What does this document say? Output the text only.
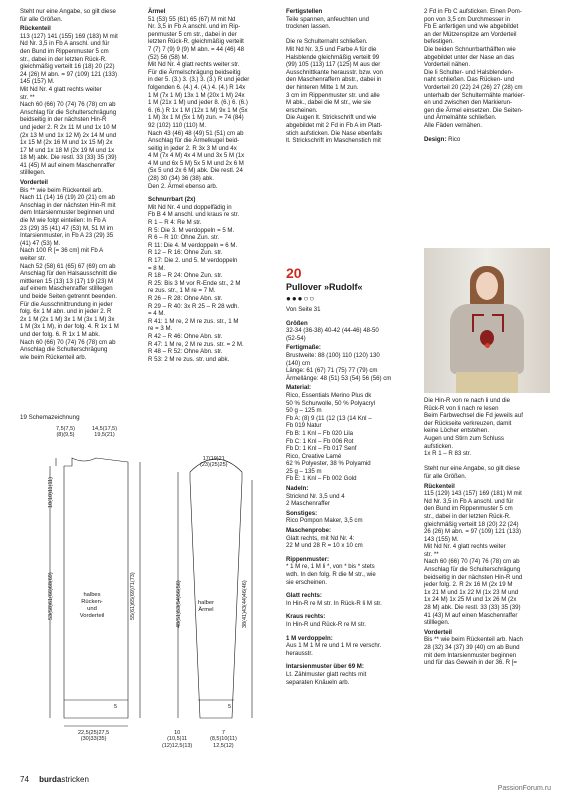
Steht nur eine Angabe, so gilt diese
für alle Größen.

Rückenteil

113 (127) 141 (155) 169 (183) M mit
Nd Nr. 3,5 in Fb A anschl. und für
den Bund im Rippenmuster 5 cm
str., dabei in der letzten Rück-R.
gleichmäßig verteilt 16 (18) 20 (22)
24 (26) M abn. = 97 (109) 121 (133)
145 (157) M.
Mit Nd Nr. 4 glatt rechts weiter
str. **
Nach 60 (66) 70 (74) 76 (78) cm ab
Anschlag für die Schulterschrägung
beidseitig in der nächsten Hin-R
und jeder 2. R 2x 11 M und 1x 10 M
(2x 13 M und 1x 12 M) 2x 14 M und
1x 15 M (2x 16 M und 1x 15 M) 2x
17 M und 1x 18 M (2x 19 M und 1x
18 M) abk. Die restl. 33 (33) 35 (39)
41 (45) M auf einem Maschenraffer
stilllegen.

Vorderteil

Bis ** wie beim Rückenteil arb.
Nach 11 (14) 16 (19) 20 (21) cm ab
Anschlag in der nächsten Hin-R mit
dem Intarsienmuster beginnen und
die M wie folgt einteilen: In Fb A
23 (29) 35 (41) 47 (53) M, 51 M im
Intarsienmuster, in Fb A 23 (29) 35
(41) 47 (53) M.
Nach 100 R [= 36 cm] mit Fb A
weiter str.
Nach 52 (58) 61 (65) 67 (69) cm ab
Anschlag für den Halsausschnitt die
mittleren 15 (13) 13 (17) 19 (23) M
auf einem Maschenraffer stilllegen
und beide Seiten getrennt beenden.
Für die Ausschnittrundung in jeder
folg. 6x 1 M abn. und in jeder 2. R
2x 1 M (2x 1 M) 3x 1 M (3x 1 M) 3x
1 M (3x 1 M), in der folg. 4. R 1x 1 M
und der folg. 6. R 1x 1 M abk.
Nach 60 (66) 70 (74) 76 (78) cm ab
Anschlag die Schulterschrägung
wie beim Rückenteil arb.

Ärmel

51 (53) 55 (61) 65 (67) M mit Nd
Nr. 3,5 in Fb A anschl. und im Rip-
penmuster 5 cm str., dabei in der
letzten Rück-R. gleichmäßig verteilt
7 (7) 7 (9) 9 (9) M abn. = 44 (46) 48
(52) 56 (58) M.
Mit Nd Nr. 4 glatt rechts weiter str.
Für die Ärmelschrägung beidseitig
in der 5. (3.) 3. (3.) 3. (3.) R und jeder
folgenden 6. (4.) 4. (4.) 4. (4.) R 14x
1 M (7x 1 M) 13x 1 M (20x 1 M) 24x
1 M (21x 1 M) und jeder 8. (6.) 6. (6.)
6. (6.) R 1x 1 M (12x 1 M) 9x 1 M (5x
1 M) 3x 1 M (5x 1 M) zun. = 74 (84)
92 (102) 110 (110) M.
Nach 43 (46) 48 (49) 51 (51) cm ab
Anschlag für die Ärmelkugel beid-
seitig in jeder 2. R 3x 3 M und 4x
4 M (7x 4 M) 4x 4 M und 3x 5 M (1x
4 M und 6x 5 M) 5x 5 M und 2x 6 M
(5x 5 und 2x 6 M) abk. Die restl. 24
(28) 30 (34) 36 (38) abk.
Den 2. Ärmel ebenso arb.

Schnurrbart (2x)

Mit Nd Nr. 4 und doppelfädig in
Fb B 4 M anschl. und kraus re str.
R 1 – R 4: Re M str.
R 5: Die 3. M verdoppeln = 5 M.
R 6 – R 10: Ohne Zun. str.
R 11: Die 4. M verdoppeln = 6 M.
R 12 – R 16: Ohne Zun. str.
R 17: Die 2. und 5. M verdoppeln
= 8 M.
R 18 – R 24: Ohne Zun. str.
R 25: Bis 3 M vor R-Ende str., 2 M
re zus. str., 1 M re = 7 M.
R 26 – R 28: Ohne Abn. str.
R 29 – R 40: 3x R 25 – R 28 wdh.
= 4 M.
R 41: 1 M re, 2 M re zus. str., 1 M
re = 3 M.
R 42 – R 46: Ohne Abn. str.
R 47: 1 M re, 2 M re zus. str. = 2 M.
R 48 – R 52: Ohne Abn. str.
R 53: 2 M re zus. str. und abk.

Fertigstellen

Teile spannen, anfeuchten und
trocknen lassen.

Die re Schulternaht schließen.
Mit Nd Nr. 3,5 und Farbe A für die
Halsblende gleichmäßig verteilt 99
(99) 105 (113) 117 (125) M aus der
Ausschnittkante herausstr. bzw. von
den Maschenraffern abstr., dabei in
der hinteren Mitte 1 M zun.
3 cm im Rippenmuster str. und alle
M abk., dabei die M str., wie sie
erscheinen.
Die Augen lt. Strickschrift und wie
abgebildet mit 2 Fd in Fb A im Platt-
stich aufsticken. Die Nase ebenfalls
lt. Strickschrift im Maschenstich mit

20
Pullover »Rudolf«
●●●○○

Von Seite 31

Größen

32-34 (36-38) 40-42 (44-46) 48-50
(52-54)

Fertigmaße:

Brustweite: 88 (100) 110 (120) 130
(140) cm
Länge: 61 (67) 71 (75) 77 (79) cm
Ärmellänge: 48 (51) 53 (54) 56 (56) cm

Material:

Rico, Essentials Merino Plus dk
50 % Schurwolle, 50 % Polyacryl
50 g – 125 m
Fb A: (8) 9 (11 (12 (13 (14 Knl –
Fb 019 Natur
Fb B: 1 Knl – Fb 020 Lila
Fb C: 1 Knl – Fb 006 Rot
Fb D: 1 Knl – Fb 017 Senf
Rico, Creative Lamé
62 % Polyester, 38 % Polyamid
25 g – 135 m
Fb E: 1 Knl – Fb 002 Gold

Nadeln:

Stricknd Nr. 3,5 und 4
2 Maschenraffer

Sonstiges:

Rico Pompon Maker, 3,5 cm

Maschenprobe:

Glatt rechts, mit Nd Nr. 4:
22 M und 28 R = 10 x 10 cm

Rippenmuster:

* 1 M re, 1 M li *, von * bis * stets
wdh. In den folg. R die M str., wie
sie erscheinen.

Glatt rechts:

In Hin-R re M str. In Rück-R li M str.

Kraus rechts:

In Hin-R und Rück-R re M str.

1 M verdoppeln:

Aus 1 M 1 M re und 1 M re verschr.
herausstr.

Intarsienmuster über 69 M:

Lt. Zählmuster glatt rechts mit
separaten Knäueln arb.

2 Fd in Fb C aufsticken. Einen Pom-
pon von 3,5 cm Durchmesser in
Fb E anfertigen und wie abgebildet
an der Mützenspitze am Vorderteil
befestigen.
Die beiden Schnurrbarthälften wie
abgebildet unter der Nase an das
Vorderteil nähen.
Die li Schulter- und Halsblenden-
naht schließen. Das Rücken- und
Vorderteil 20 (22) 24 (26) 27 (28) cm
unterhalb der Schultermähte markier-
en und zwischen den Markierun-
gen die Ärmel einsetzen. Die Seiten-
und Ärmelnähte schließen.
Alle Fäden vernähen.

Design: Rico

Die Hin-R von re nach li und die
Rück-R von li nach re lesen
Beim Farbwechsel die Fd jeweils auf
der Rückseite verkreuzen, damit
keine Löcher entstehen.
Augen und Stirn zum Schluss
aufsticken.
1x R 1 – R 83 str.

Steht nur eine Angabe, so gilt diese
für alle Größen.

Rückenteil

115 (129) 143 (157) 169 (181) M mit
Nd Nr. 3,5 in Fb A anschl. und für
den Bund im Rippenmuster 5 cm
str., dabei in der letzten Rück-R.
gleichmäßig verteilt 18 (20) 22 (24)
26 (26) M abn. = 97 (109) 121 (133)
143 (155) M.
Mit Nd Nr. 4 glatt rechts weiter
str. **
Nach 60 (66) 70 (74) 76 (78) cm ab
Anschlag für die Schulterschrägung
beidseitig in der nächsten Hin-R und
jeder folg. 2. R 2x 16 M (2x 19 M
1x 21 M und 1x 22 M (1x 23 M und
1x 24 M) 1x 25 M und 1x 26 M (2x
28 M) abk. Die restl. 33 (33) 35 (39)
41 (43) M auf einen Maschenraffer
stilllegen.

Vorderteil

Bis ** wie beim Rückenteil arb. Nach
28 (32) 34 (37) 39 (40) cm ab Bund
mit dem Intarsienmuster beginnen
und für das Geweih in der 36. R [=

19 Schemazeichnung
7,5(7,5)
(8)(9,5)
14,5(17,5)
19,5(21)
17(19)21
(23)(25)25)
halbes
Rücken-
und
Vorderteil
halber
Ärmel
53(58)61(66)68(69)
10(10)11(11)
55(61)65(69)71(73)	48(51)53(54)56(56)	38(41)43(44)46(46)
5	5
22,5(25)27,5
(30)33(35)
10
(10,5)11
(12)12,5(13)
7
(8,5)10(11)
12,5(12)
74 burdastricken
PassionForum.ru
